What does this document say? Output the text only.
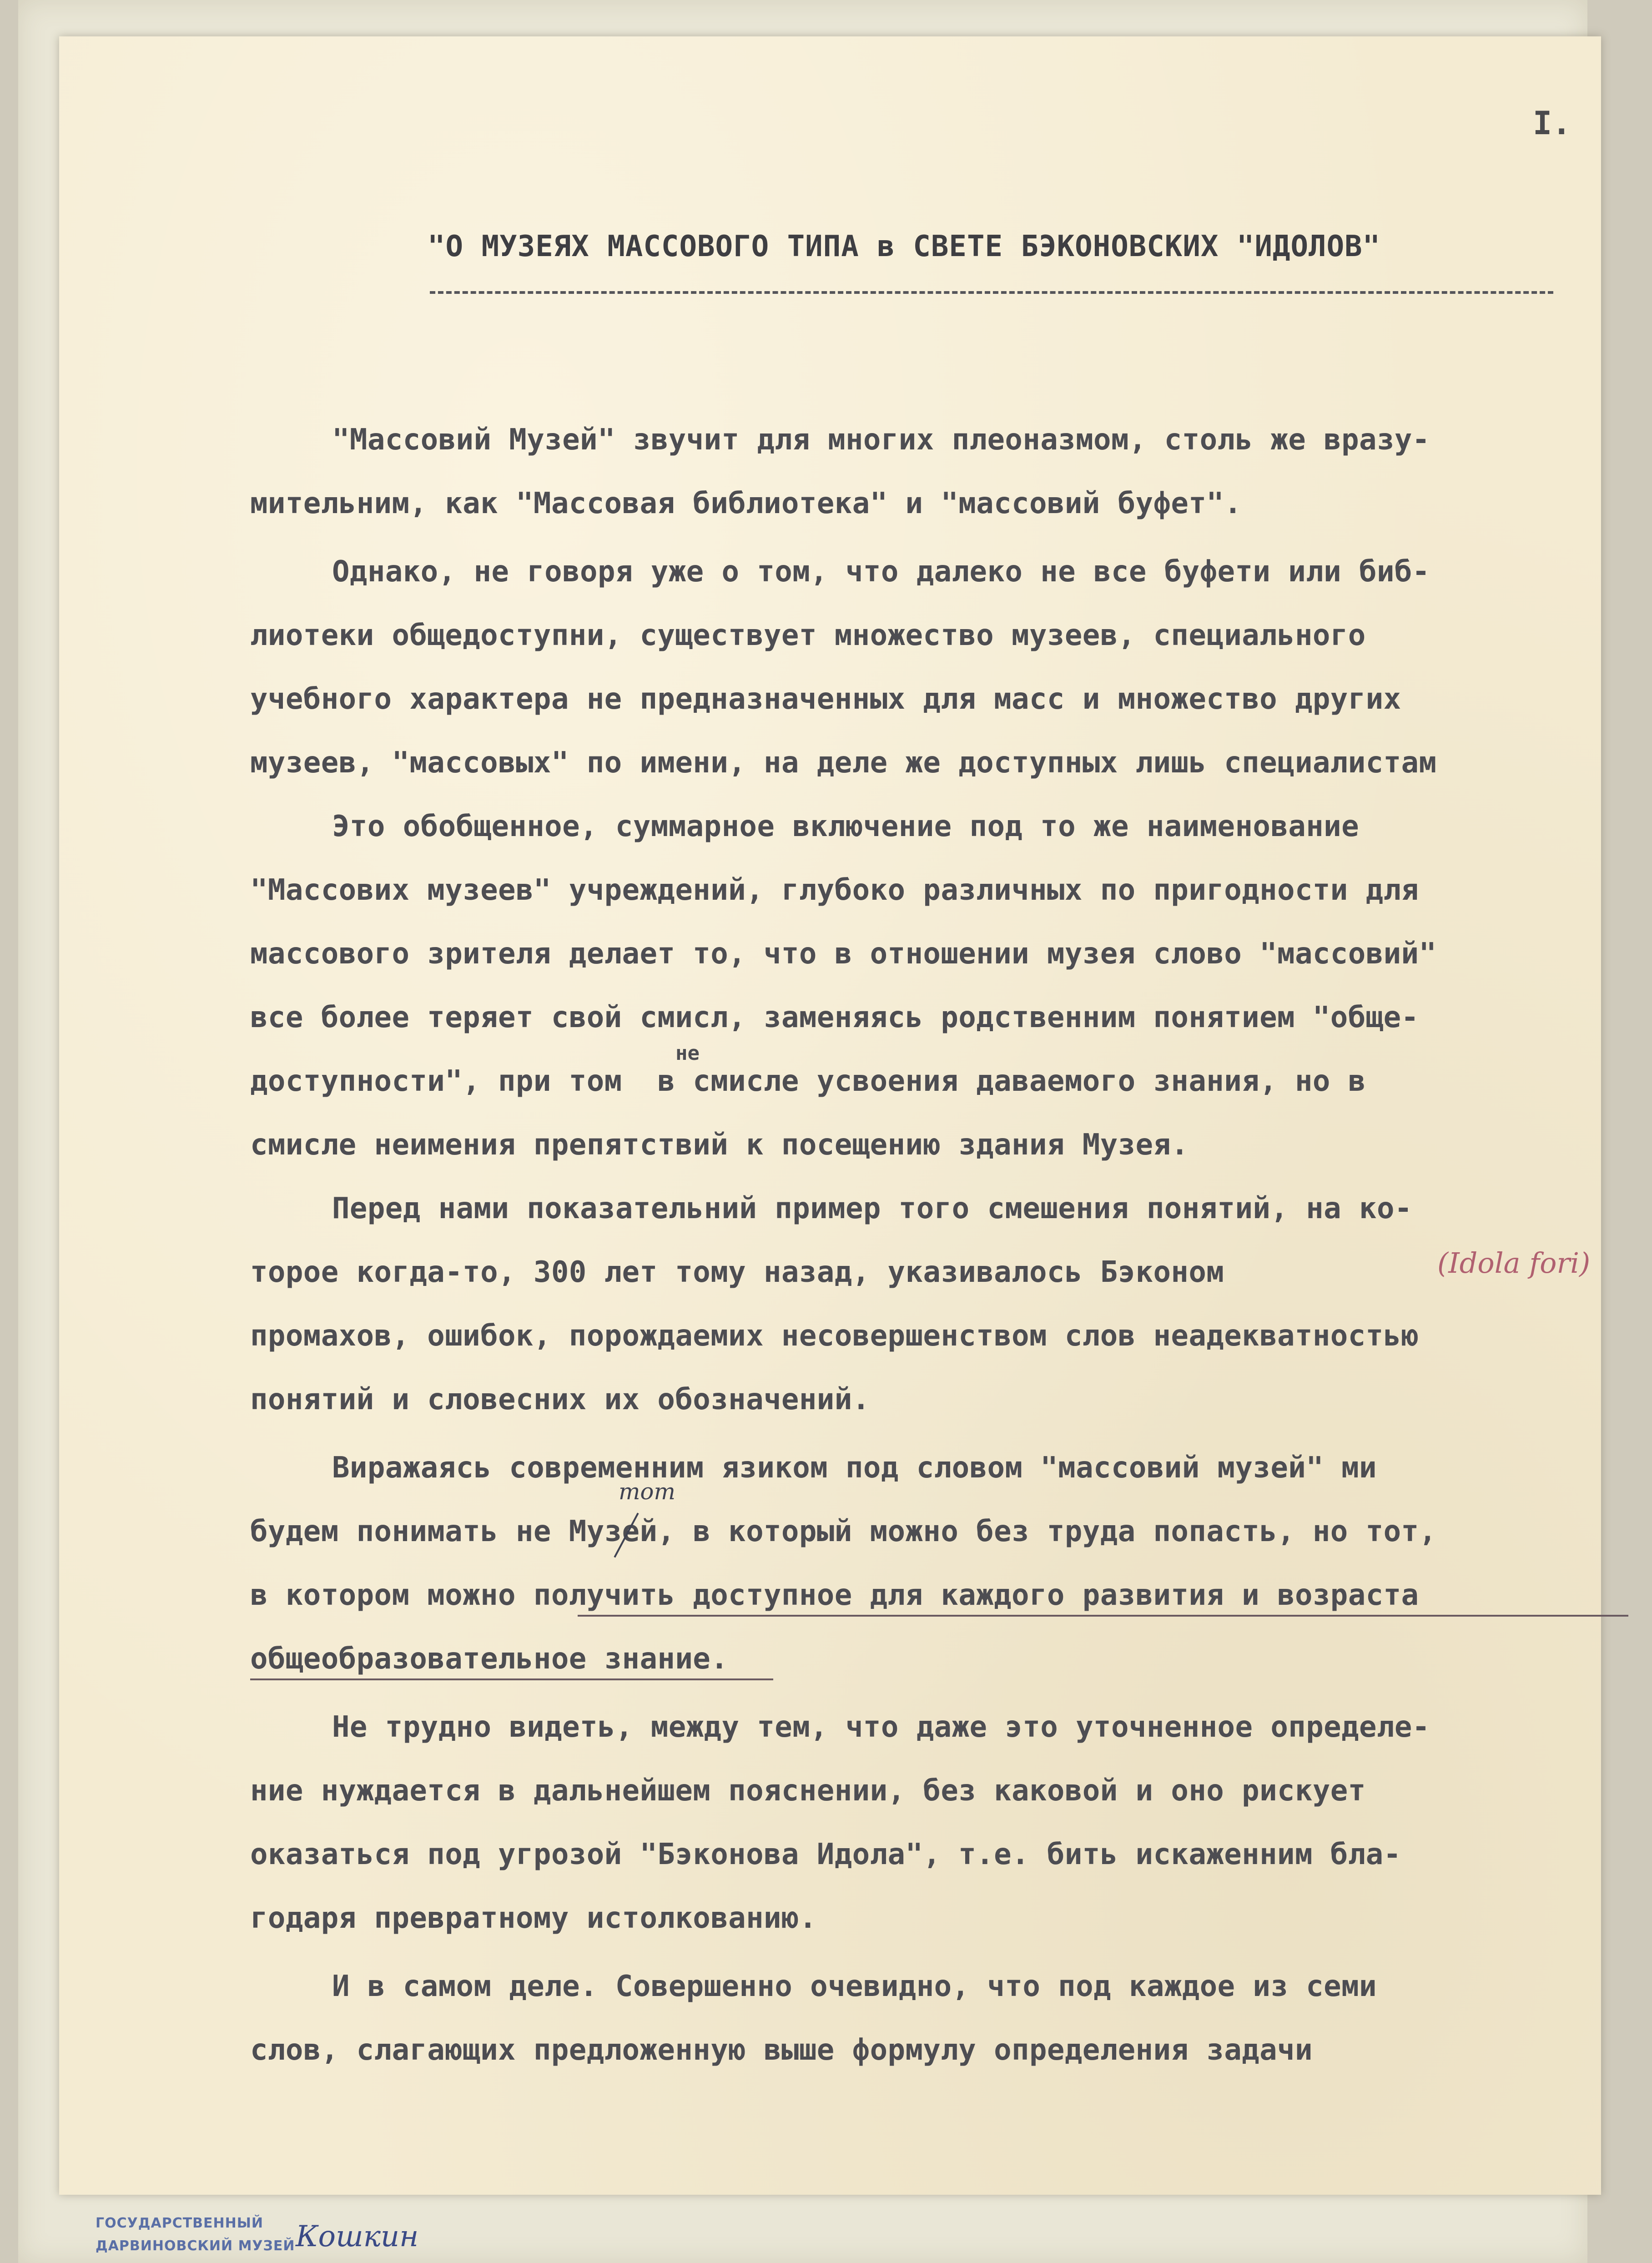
I.
"О МУЗЕЯХ МАССОВОГО ТИПА в СВЕТЕ БЭКОНОВСКИХ "ИДОЛОВ"
"Массовий Музей" звучит для многих плеоназмом, столь же вразу-
мительним, как "Массовая библиотека" и "массовий буфет".
Однако, не говоря уже о том, что далеко не все буфети или биб-
лиотеки общедоступни, существует множество музеев, специального
учебного характера не предназначенных для масс и множество других
музеев, "массовых" по имени, на деле же доступных лишь специалистам
Это обобщенное, суммарное включение под то же наименование
"Массових музеев" учреждений, глубоко различных по пригодности для
массового зрителя делает то, что в отношении музея слово "массовий"
все более теряет свой смисл, заменяясь родственним понятием "обще-
доступности", при том  в смисле усвоения даваемого знания, но в
не
смисле неимения препятствий к посещению здания Музея.
Перед нами показательний пример того смешения понятий, на ко-
торое когда-то, 300 лет тому назад, указивалось Бэконом	(Idola fori)
промахов, ошибок, порождаемих несовершенством слов неадекватностью
понятий и словесних их обозначений.
Виражаясь современним язиком под словом "массовий музей" ми
будем понимать не Музей, в который можно без труда попасть, но тот,
тот
в котором можно получить доступное для каждого развития и возраста
общеобразовательное знание.
Не трудно видеть, между тем, что даже это уточненное определе-
ние нуждается в дальнейшем пояснении, без каковой и оно рискует
оказаться под угрозой "Бэконова Идола", т.е. бить искаженним бла-
годаря превратному истолкованию.
И в самом деле. Совершенно очевидно, что под каждое из семи
слов, слагающих предложенную выше формулу определения задачи
ГОСУДАРСТВЕННЫЙ
ДАРВИНОВСКИЙ МУЗЕЙ Кошкин
